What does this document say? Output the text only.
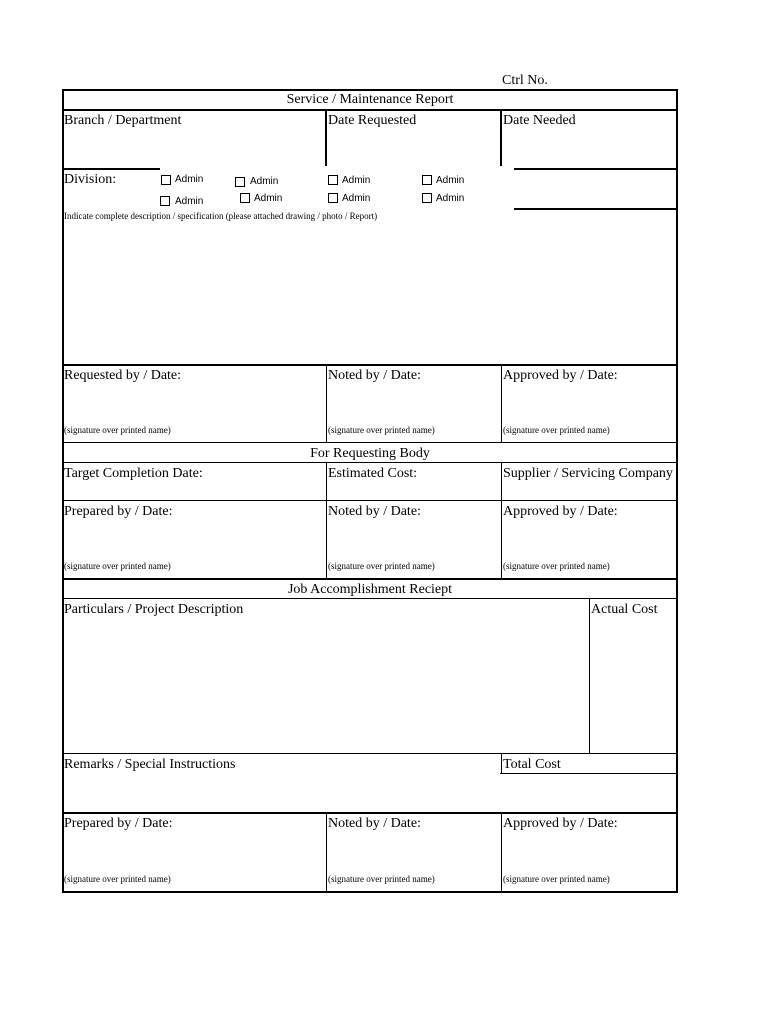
Ctrl No.
Service / Maintenance Report
Branch / Department	Date Requested	Date Needed
Division:	Admin	Admin	Admin	Admin
Admin	Admin	Admin	Admin
Indicate complete description / specification (please attached drawing / photo / Report)
Requested by / Date:	Noted by / Date:	Approved by / Date:
(signature over printed name)	(signature over printed name)	(signature over printed name)
For Requesting Body
Target Completion Date:	Estimated Cost:	Supplier / Servicing Company
Prepared by / Date:	Noted by / Date:	Approved by / Date:
(signature over printed name)	(signature over printed name)	(signature over printed name)
Job Accomplishment Reciept
Particulars / Project Description	Actual Cost
Remarks / Special Instructions	Total Cost
Prepared by / Date:	Noted by / Date:	Approved by / Date:
(signature over printed name)	(signature over printed name)	(signature over printed name)
